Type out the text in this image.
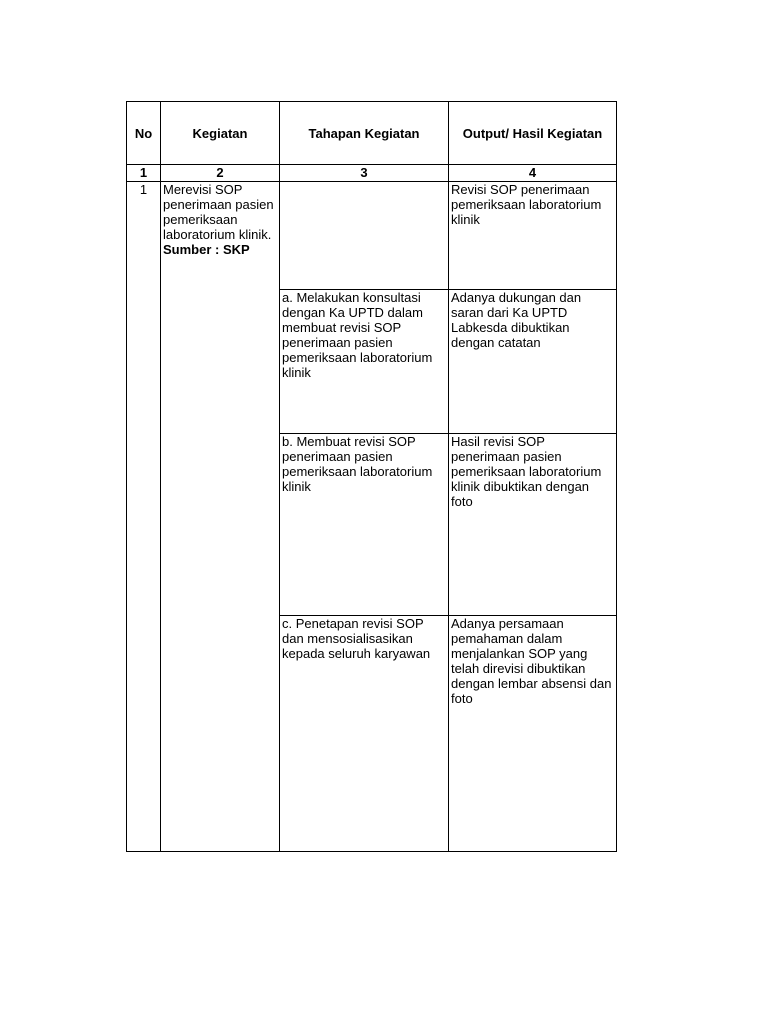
No	Kegiatan	Tahapan Kegiatan	Output/ Hasil Kegiatan
1	2	3	4
1	Merevisi SOP penerimaan pasien pemeriksaan laboratorium klinik. Sumber : SKP		Revisi SOP penerimaan pemeriksaan laboratorium klinik
		a. Melakukan konsultasi dengan Ka UPTD dalam membuat revisi SOP penerimaan pasien pemeriksaan laboratorium klinik	Adanya dukungan dan saran dari Ka UPTD Labkesda dibuktikan dengan catatan
		b. Membuat revisi SOP penerimaan pasien pemeriksaan laboratorium klinik	Hasil revisi SOP penerimaan pasien pemeriksaan laboratorium klinik dibuktikan dengan foto
		c. Penetapan revisi SOP dan mensosialisasikan kepada seluruh karyawan	Adanya persamaan pemahaman dalam menjalankan SOP yang telah direvisi dibuktikan dengan lembar absensi dan foto
